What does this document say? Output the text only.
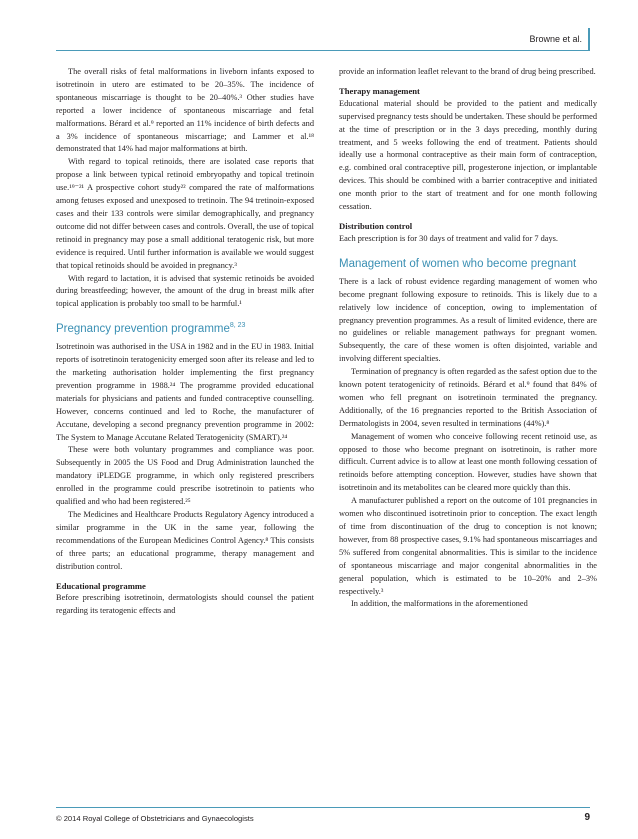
Browne et al.

The overall risks of fetal malformations in liveborn infants exposed to isotretinoin in utero are estimated to be 20–35%. The incidence of spontaneous miscarriage is thought to be 20–40%.³ Other studies have reported a lower incidence of spontaneous miscarriage and fetal malformations. Bérard et al.⁹ reported an 11% incidence of birth defects and a 3% incidence of spontaneous miscarriage; and Lammer et al.¹⁸ demonstrated that 14% had major malformations at birth.

With regard to topical retinoids, there are isolated case reports that propose a link between typical retinoid embryopathy and topical tretinoin use.¹⁹⁻²¹ A prospective cohort study²² compared the rate of malformations among fetuses exposed and unexposed to tretinoin. The 94 tretinoin-exposed cases and their 133 controls were similar demographically, and pregnancy outcome did not differ between cases and controls. Overall, the use of topical retinoid in pregnancy may pose a small additional teratogenic risk, but more evidence is required. Until further information is available we would suggest that topical retinoids should be avoided in pregnancy.³

With regard to lactation, it is advised that systemic retinoids be avoided during breastfeeding; however, the amount of the drug in breast milk after topical application is probably too small to be harmful.¹

Pregnancy prevention programme$^{8, 23}$

Isotretinoin was authorised in the USA in 1982 and in the EU in 1983. Initial reports of isotretinoin teratogenicity emerged soon after its release and led to the marketing authorisation holder implementing the first pregnancy prevention programme in 1988.²⁴ The programme provided educational materials for physicians and patients and funded contraceptive counselling. However, concerns continued and led to Roche, the manufacturer of Accutane, developing a second pregnancy prevention programme in 2002: The System to Manage Accutane Related Teratogenicity (SMART).²⁴

These were both voluntary programmes and compliance was poor. Subsequently in 2005 the US Food and Drug Administration launched the mandatory iPLEDGE programme, in which only registered prescribers enrolled in the programme could prescribe isotretinoin to patients who qualified and who had been registered.²⁵

The Medicines and Healthcare Products Regulatory Agency introduced a similar programme in the UK in the same year, following the recommendations of the European Medicines Control Agency.⁸ This consists of three parts; an educational programme, therapy management and distribution control.

Educational programme

Before prescribing isotretinoin, dermatologists should counsel the patient regarding its teratogenic effects and

provide an information leaflet relevant to the brand of drug being prescribed.

Therapy management

Educational material should be provided to the patient and medically supervised pregnancy tests should be undertaken. These should be performed at the time of prescription or in the 3 days preceding, monthly during treatment, and 5 weeks following the end of treatment. Patients should ideally use a hormonal contraceptive as their main form of contraception, e.g. combined oral contraceptive pill, progesterone injection, or implantable devices. This should be combined with a barrier contraceptive and initiated one month prior to the start of treatment and for one month following cessation.

Distribution control

Each prescription is for 30 days of treatment and valid for 7 days.

Management of women who become pregnant

There is a lack of robust evidence regarding management of women who become pregnant following exposure to retinoids. This is likely due to a relatively low incidence of conception, owing to implementation of pregnancy prevention programmes. As a result of limited evidence, there are no guidelines or reliable management pathways for pregnant women. Subsequently, the care of these women is often disjointed, variable and involving different specialties.

Termination of pregnancy is often regarded as the safest option due to the known potent teratogenicity of retinoids. Bérard et al.⁹ found that 84% of women who fell pregnant on isotretinoin terminated the pregnancy. Additionally, of the 16 pregnancies reported to the British Association of Dermatologists in 2004, seven resulted in terminations (44%).⁸

Management of women who conceive following recent retinoid use, as opposed to those who become pregnant on isotretinoin, is rather more difficult. Current advice is to allow at least one month following cessation of retinoids before attempting conception. However, studies have shown that isotretinoin and its metabolites can be cleared more quickly than this.

A manufacturer published a report on the outcome of 101 pregnancies in women who discontinued isotretinoin prior to conception. The exact length of time from discontinuation of the drug to conception is not known; however, from 88 prospective cases, 9.1% had spontaneous miscarriages and 5% suffered from congenital abnormalities. This is similar to the incidence of spontaneous miscarriage and major congenital abnormalities in the general population, which is estimated to be 10–20% and 2–3% respectively.³

In addition, the malformations in the aforementioned

© 2014 Royal College of Obstetricians and Gynaecologists	9
